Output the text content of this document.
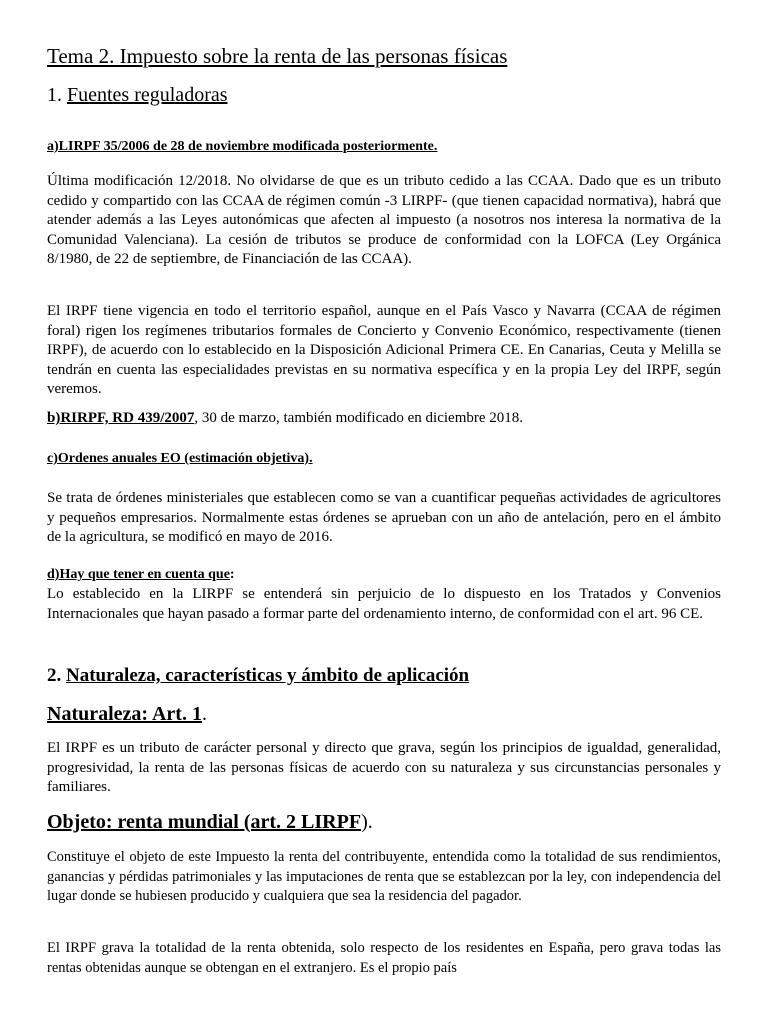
Tema 2. Impuesto sobre la renta de las personas físicas
1. Fuentes reguladoras
a)LIRPF 35/2006 de 28 de noviembre modificada posteriormente.
Última modificación 12/2018. No olvidarse de que es un tributo cedido a las CCAA. Dado que es un tributo cedido y compartido con las CCAA de régimen común -3 LIRPF- (que tienen capacidad normativa), habrá que atender además a las Leyes autonómicas que afecten al impuesto (a nosotros nos interesa la normativa de la Comunidad Valenciana). La cesión de tributos se produce de conformidad con la LOFCA (Ley Orgánica 8/1980, de 22 de septiembre, de Financiación de las CCAA).
El IRPF tiene vigencia en todo el territorio español, aunque en el País Vasco y Navarra (CCAA de régimen foral) rigen los regímenes tributarios formales de Concierto y Convenio Económico, respectivamente (tienen IRPF), de acuerdo con lo establecido en la Disposición Adicional Primera CE. En Canarias, Ceuta y Melilla se tendrán en cuenta las especialidades previstas en su normativa específica y en la propia Ley del IRPF, según veremos.
b)RIRPF, RD 439/2007, 30 de marzo, también modificado en diciembre 2018.
c)Ordenes anuales EO (estimación objetiva).
Se trata de órdenes ministeriales que establecen como se van a cuantificar pequeñas actividades de agricultores y pequeños empresarios. Normalmente estas órdenes se aprueban con un año de antelación, pero en el ámbito de la agricultura, se modificó en mayo de 2016.
d)Hay que tener en cuenta que:
Lo establecido en la LIRPF se entenderá sin perjuicio de lo dispuesto en los Tratados y Convenios Internacionales que hayan pasado a formar parte del ordenamiento interno, de conformidad con el art. 96 CE.
2. Naturaleza, características y ámbito de aplicación
Naturaleza: Art. 1.
El IRPF es un tributo de carácter personal y directo que grava, según los principios de igualdad, generalidad, progresividad, la renta de las personas físicas de acuerdo con su naturaleza y sus circunstancias personales y familiares.
Objeto: renta mundial (art. 2 LIRPF).
Constituye el objeto de este Impuesto la renta del contribuyente, entendida como la totalidad de sus rendimientos, ganancias y pérdidas patrimoniales y las imputaciones de renta que se establezcan por la ley, con independencia del lugar donde se hubiesen producido y cualquiera que sea la residencia del pagador.
El IRPF grava la totalidad de la renta obtenida, solo respecto de los residentes en España, pero grava todas las rentas obtenidas aunque se obtengan en el extranjero. Es el propio país
